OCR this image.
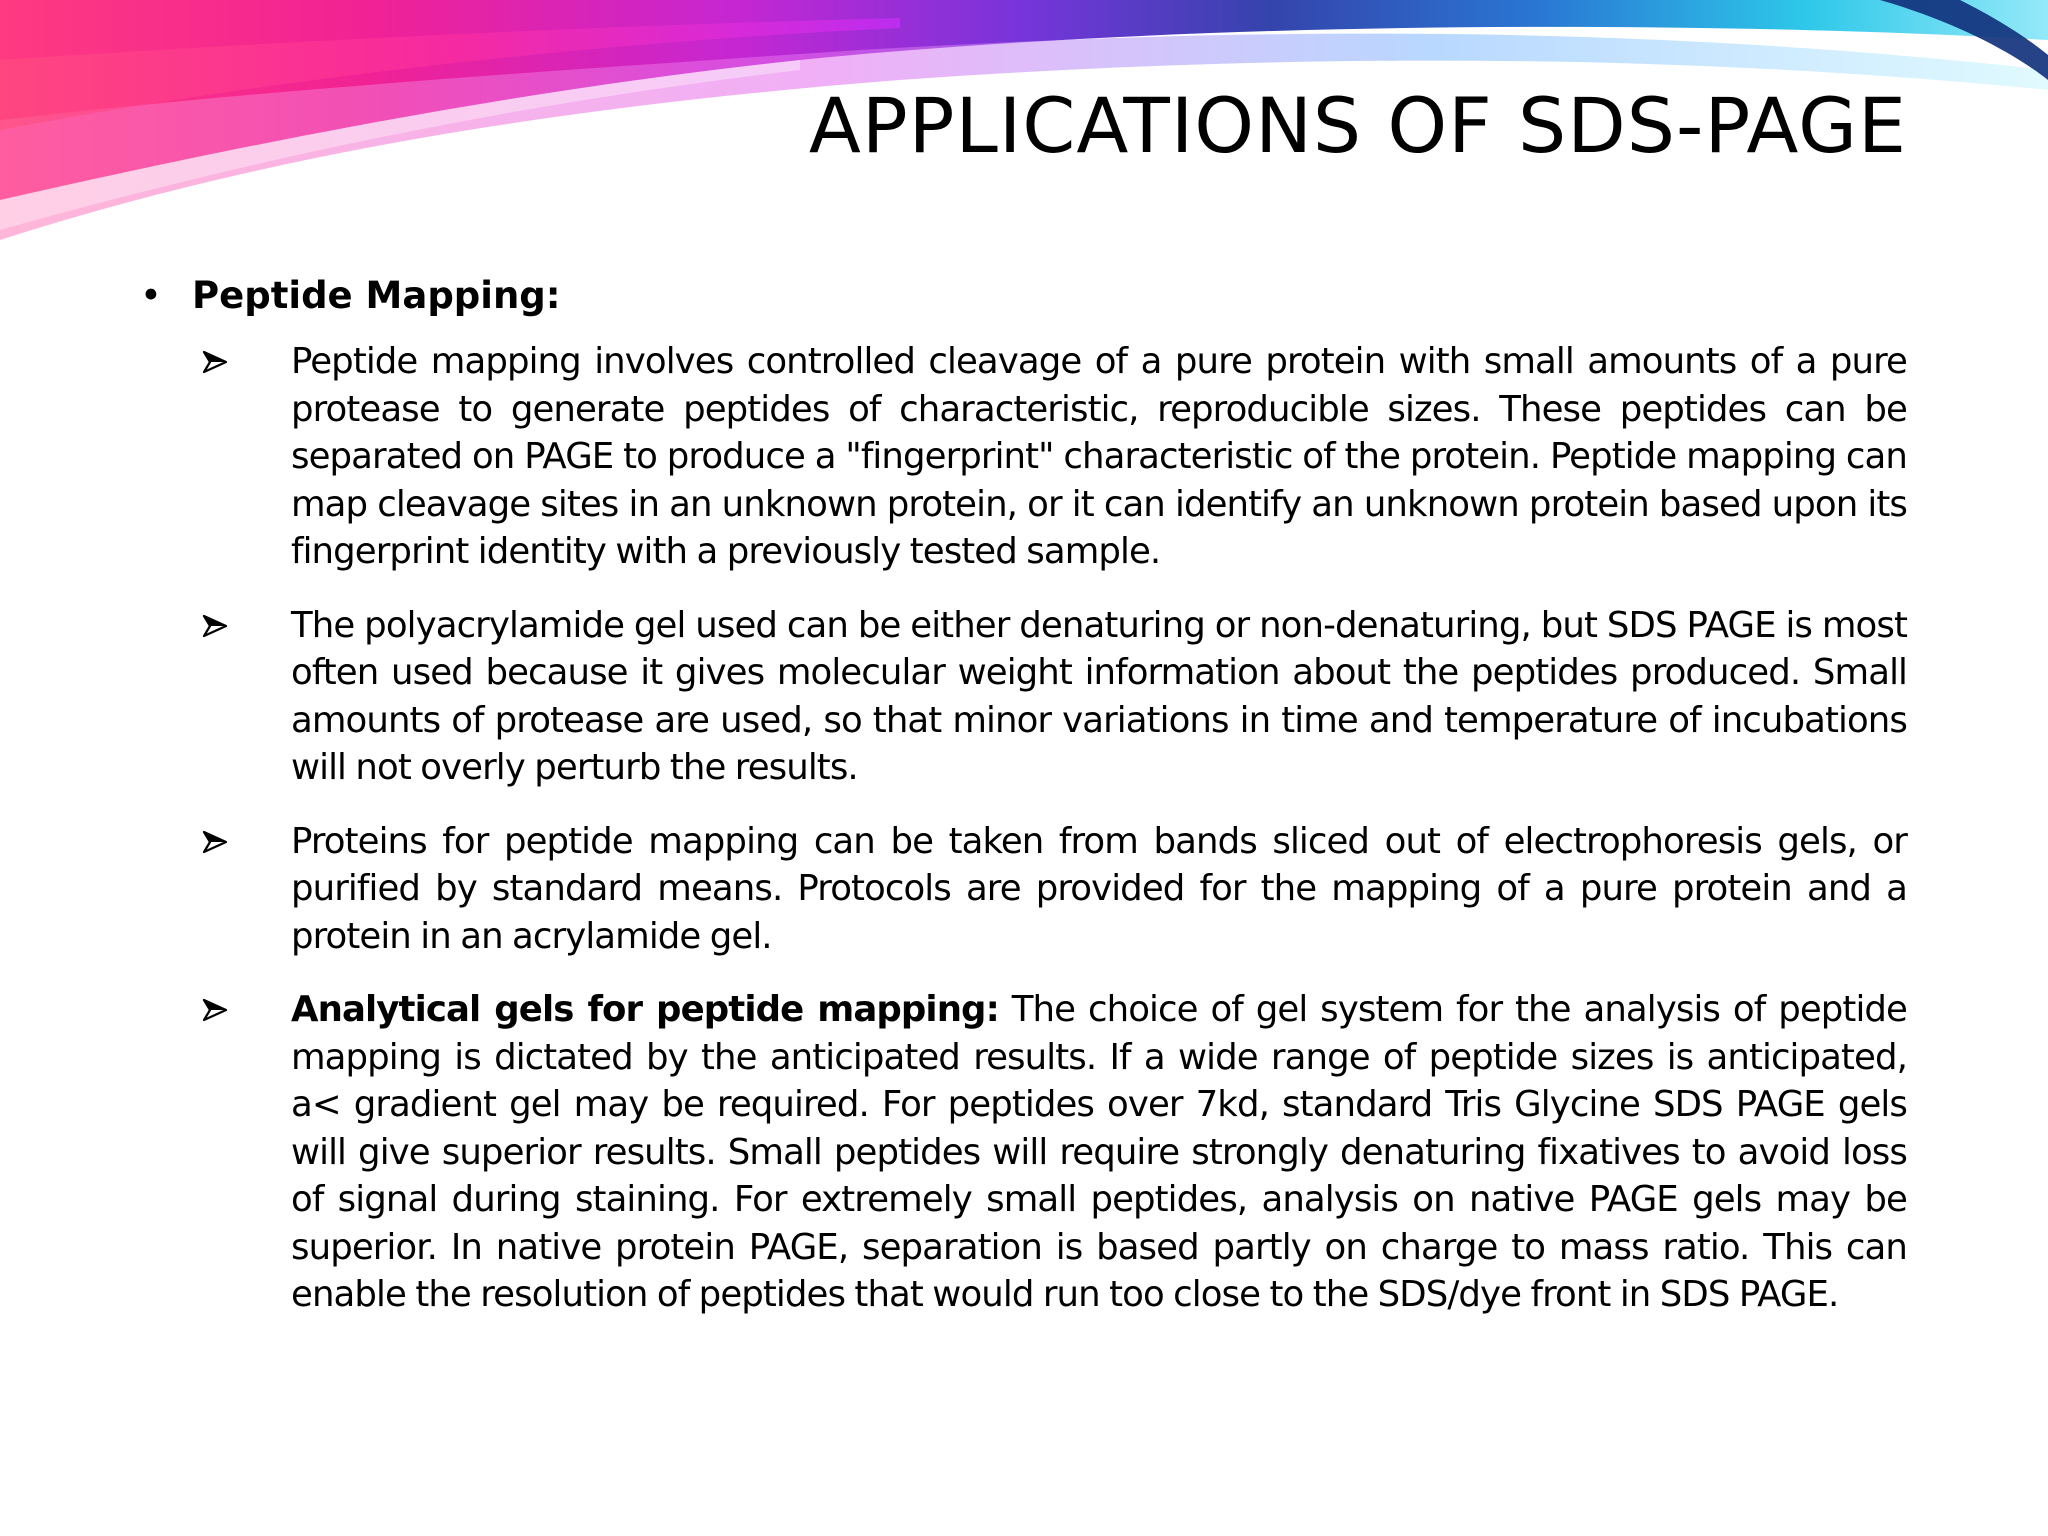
APPLICATIONS OF SDS-PAGE
• Peptide Mapping:
Peptide mapping involves controlled cleavage of a pure protein with small amounts of a pure protease to generate peptides of characteristic, reproducible sizes. These peptides can be separated on PAGE to produce a "fingerprint" characteristic of the protein. Peptide mapping can map cleavage sites in an unknown protein, or it can identify an unknown protein based upon its fingerprint identity with a previously tested sample.
The polyacrylamide gel used can be either denaturing or non-denaturing, but SDS PAGE is most often used because it gives molecular weight information about the peptides produced. Small amounts of protease are used, so that minor variations in time and temperature of incubations will not overly perturb the results.
Proteins for peptide mapping can be taken from bands sliced out of electrophoresis gels, or purified by standard means. Protocols are provided for the mapping of a pure protein and a protein in an acrylamide gel.
Analytical gels for peptide mapping: The choice of gel system for the analysis of peptide mapping is dictated by the anticipated results. If a wide range of peptide sizes is anticipated, a< gradient gel may be required. For peptides over 7kd, standard Tris Glycine SDS PAGE gels will give superior results. Small peptides will require strongly denaturing fixatives to avoid loss of signal during staining. For extremely small peptides, analysis on native PAGE gels may be superior. In native protein PAGE, separation is based partly on charge to mass ratio. This can enable the resolution of peptides that would run too close to the SDS/dye front in SDS PAGE.
